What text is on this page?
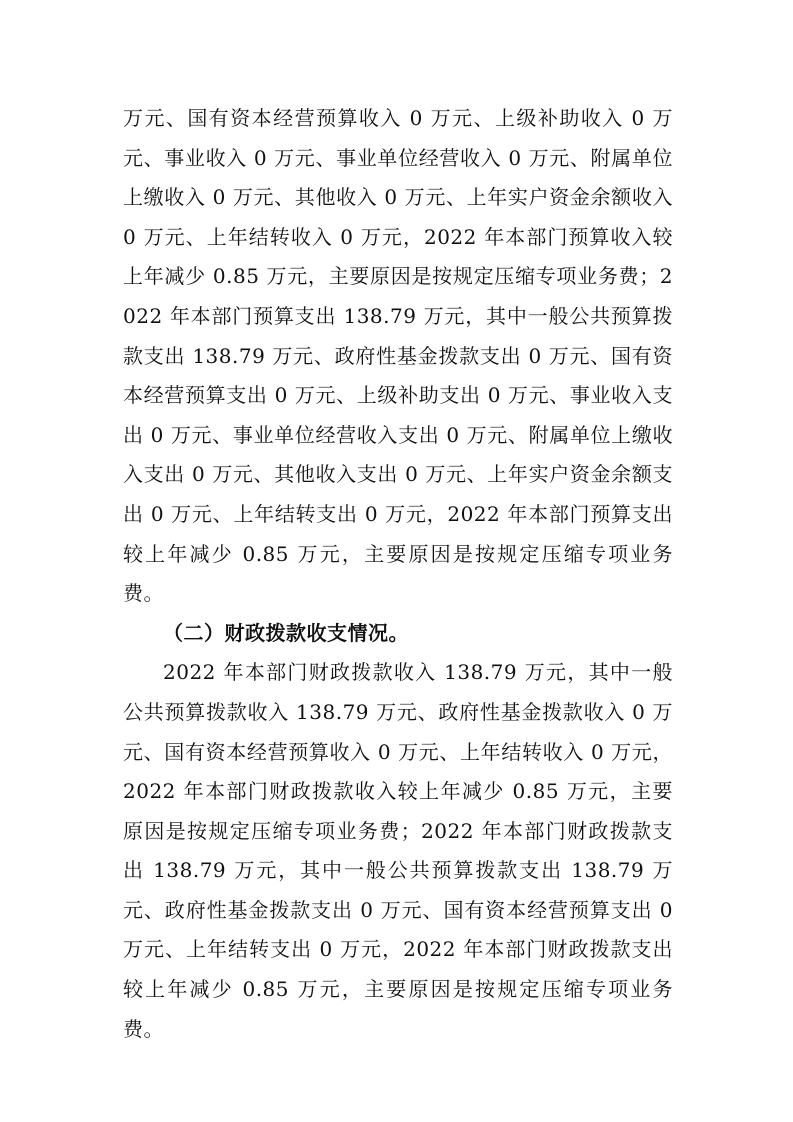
万元、国有资本经营预算收入 0 万元、上级补助收入 0 万元、事业收入 0 万元、事业单位经营收入 0 万元、附属单位上缴收入 0 万元、其他收入 0 万元、上年实户资金余额收入 0 万元、上年结转收入 0 万元，2022 年本部门预算收入较上年减少 0.85 万元，主要原因是按规定压缩专项业务费；2022 年本部门预算支出 138.79 万元，其中一般公共预算拨款支出 138.79 万元、政府性基金拨款支出 0 万元、国有资本经营预算支出 0 万元、上级补助支出 0 万元、事业收入支出 0 万元、事业单位经营收入支出 0 万元、附属单位上缴收入支出 0 万元、其他收入支出 0 万元、上年实户资金余额支出 0 万元、上年结转支出 0 万元，2022 年本部门预算支出较上年减少 0.85 万元，主要原因是按规定压缩专项业务费。

（二）财政拨款收支情况。

2022 年本部门财政拨款收入 138.79 万元，其中一般公共预算拨款收入 138.79 万元、政府性基金拨款收入 0 万元、国有资本经营预算收入 0 万元、上年结转收入 0 万元，2022 年本部门财政拨款收入较上年减少 0.85 万元，主要原因是按规定压缩专项业务费；2022 年本部门财政拨款支出 138.79 万元，其中一般公共预算拨款支出 138.79 万元、政府性基金拨款支出 0 万元、国有资本经营预算支出 0 万元、上年结转支出 0 万元，2022 年本部门财政拨款支出较上年减少 0.85 万元，主要原因是按规定压缩专项业务费。
